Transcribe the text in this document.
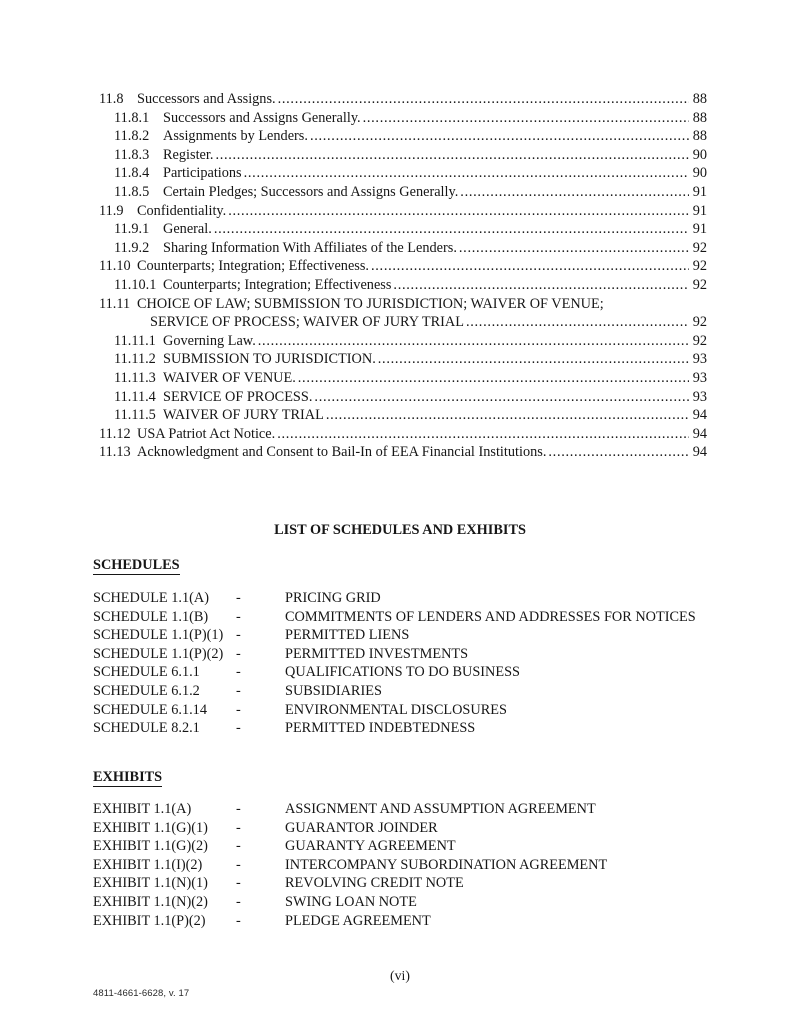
11.8 Successors and Assigns. .....	88
11.8.1 Successors and Assigns Generally. .....	88
11.8.2 Assignments by Lenders. .....	88
11.8.3 Register. .....	90
11.8.4 Participations .....	90
11.8.5 Certain Pledges; Successors and Assigns Generally. .....	91
11.9 Confidentiality. .....	91
11.9.1 General. .....	91
11.9.2 Sharing Information With Affiliates of the Lenders. .....	92
11.10 Counterparts; Integration; Effectiveness. .....	92
11.10.1 Counterparts; Integration; Effectiveness .....	92
11.11 CHOICE OF LAW; SUBMISSION TO JURISDICTION; WAIVER OF VENUE;
SERVICE OF PROCESS; WAIVER OF JURY TRIAL .....	92
11.11.1 Governing Law. .....	92
11.11.2 SUBMISSION TO JURISDICTION. .....	93
11.11.3 WAIVER OF VENUE. .....	93
11.11.4 SERVICE OF PROCESS. .....	93
11.11.5 WAIVER OF JURY TRIAL .....	94
11.12 USA Patriot Act Notice. .....	94
11.13 Acknowledgment and Consent to Bail-In of EEA Financial Institutions. .....	94
LIST OF SCHEDULES AND EXHIBITS
SCHEDULES
SCHEDULE 1.1(A)	-	PRICING GRID
SCHEDULE 1.1(B)	-	COMMITMENTS OF LENDERS AND ADDRESSES FOR NOTICES
SCHEDULE 1.1(P)(1) -	PERMITTED LIENS
SCHEDULE 1.1(P)(2) -	PERMITTED INVESTMENTS
SCHEDULE 6.1.1	-	QUALIFICATIONS TO DO BUSINESS
SCHEDULE 6.1.2	-	SUBSIDIARIES
SCHEDULE 6.1.14	-	ENVIRONMENTAL DISCLOSURES
SCHEDULE 8.2.1	-	PERMITTED INDEBTEDNESS
EXHIBITS
EXHIBIT 1.1(A)	-	ASSIGNMENT AND ASSUMPTION AGREEMENT
EXHIBIT 1.1(G)(1)	-	GUARANTOR JOINDER
EXHIBIT 1.1(G)(2)	-	GUARANTY AGREEMENT
EXHIBIT 1.1(I)(2)	-	INTERCOMPANY SUBORDINATION AGREEMENT
EXHIBIT 1.1(N)(1)	-	REVOLVING CREDIT NOTE
EXHIBIT 1.1(N)(2)	-	SWING LOAN NOTE
EXHIBIT 1.1(P)(2)	-	PLEDGE AGREEMENT
(vi)
4811-4661-6628, v. 17
